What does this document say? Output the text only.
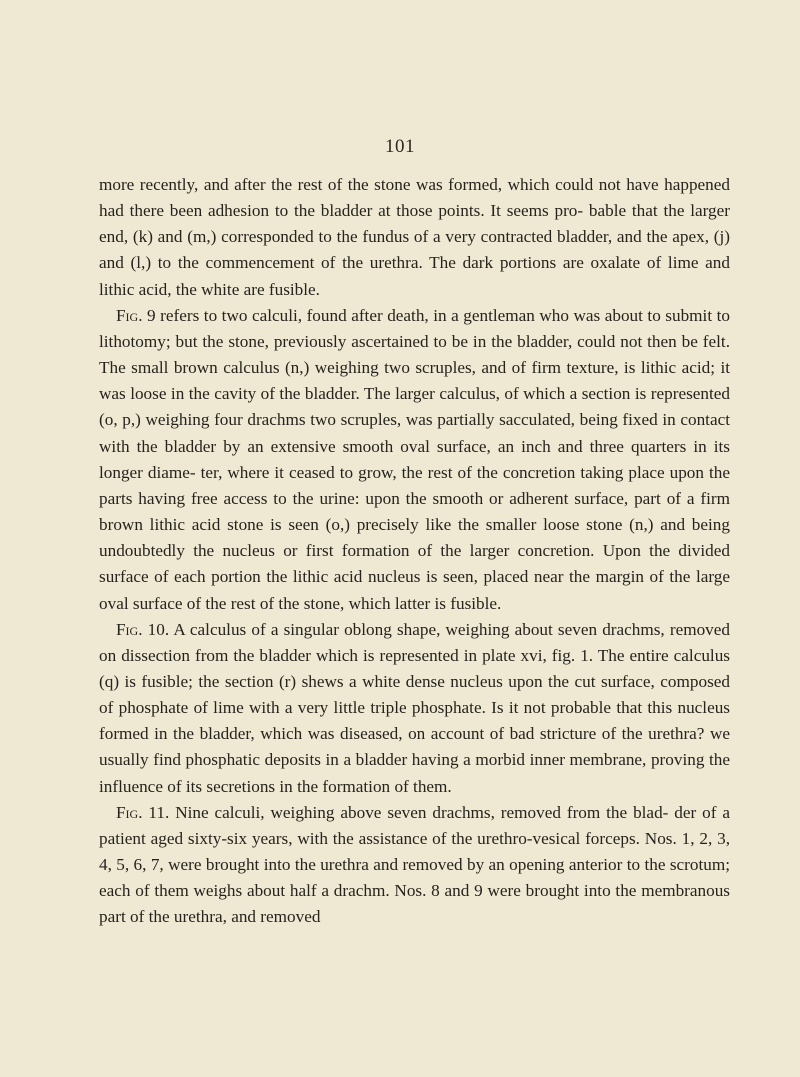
101

more recently, and after the rest of the stone was formed, which could not have happened had there been adhesion to the bladder at those points. It seems pro- bable that the larger end, (k) and (m,) corresponded to the fundus of a very contracted bladder, and the apex, (j) and (l,) to the commencement of the urethra. The dark portions are oxalate of lime and lithic acid, the white are fusible.

Fig. 9 refers to two calculi, found after death, in a gentleman who was about to submit to lithotomy; but the stone, previously ascertained to be in the bladder, could not then be felt. The small brown calculus (n,) weighing two scruples, and of firm texture, is lithic acid; it was loose in the cavity of the bladder. The larger calculus, of which a section is represented (o, p,) weighing four drachms two scruples, was partially sacculated, being fixed in contact with the bladder by an extensive smooth oval surface, an inch and three quarters in its longer diame- ter, where it ceased to grow, the rest of the concretion taking place upon the parts having free access to the urine: upon the smooth or adherent surface, part of a firm brown lithic acid stone is seen (o,) precisely like the smaller loose stone (n,) and being undoubtedly the nucleus or first formation of the larger concretion. Upon the divided surface of each portion the lithic acid nucleus is seen, placed near the margin of the large oval surface of the rest of the stone, which latter is fusible.

Fig. 10. A calculus of a singular oblong shape, weighing about seven drachms, removed on dissection from the bladder which is represented in plate xvi, fig. 1. The entire calculus (q) is fusible; the section (r) shews a white dense nucleus upon the cut surface, composed of phosphate of lime with a very little triple phosphate. Is it not probable that this nucleus formed in the bladder, which was diseased, on account of bad stricture of the urethra? we usually find phosphatic deposits in a bladder having a morbid inner membrane, proving the influence of its secretions in the formation of them.

Fig. 11. Nine calculi, weighing above seven drachms, removed from the blad- der of a patient aged sixty-six years, with the assistance of the urethro-vesical forceps. Nos. 1, 2, 3, 4, 5, 6, 7, were brought into the urethra and removed by an opening anterior to the scrotum; each of them weighs about half a drachm. Nos. 8 and 9 were brought into the membranous part of the urethra, and removed
